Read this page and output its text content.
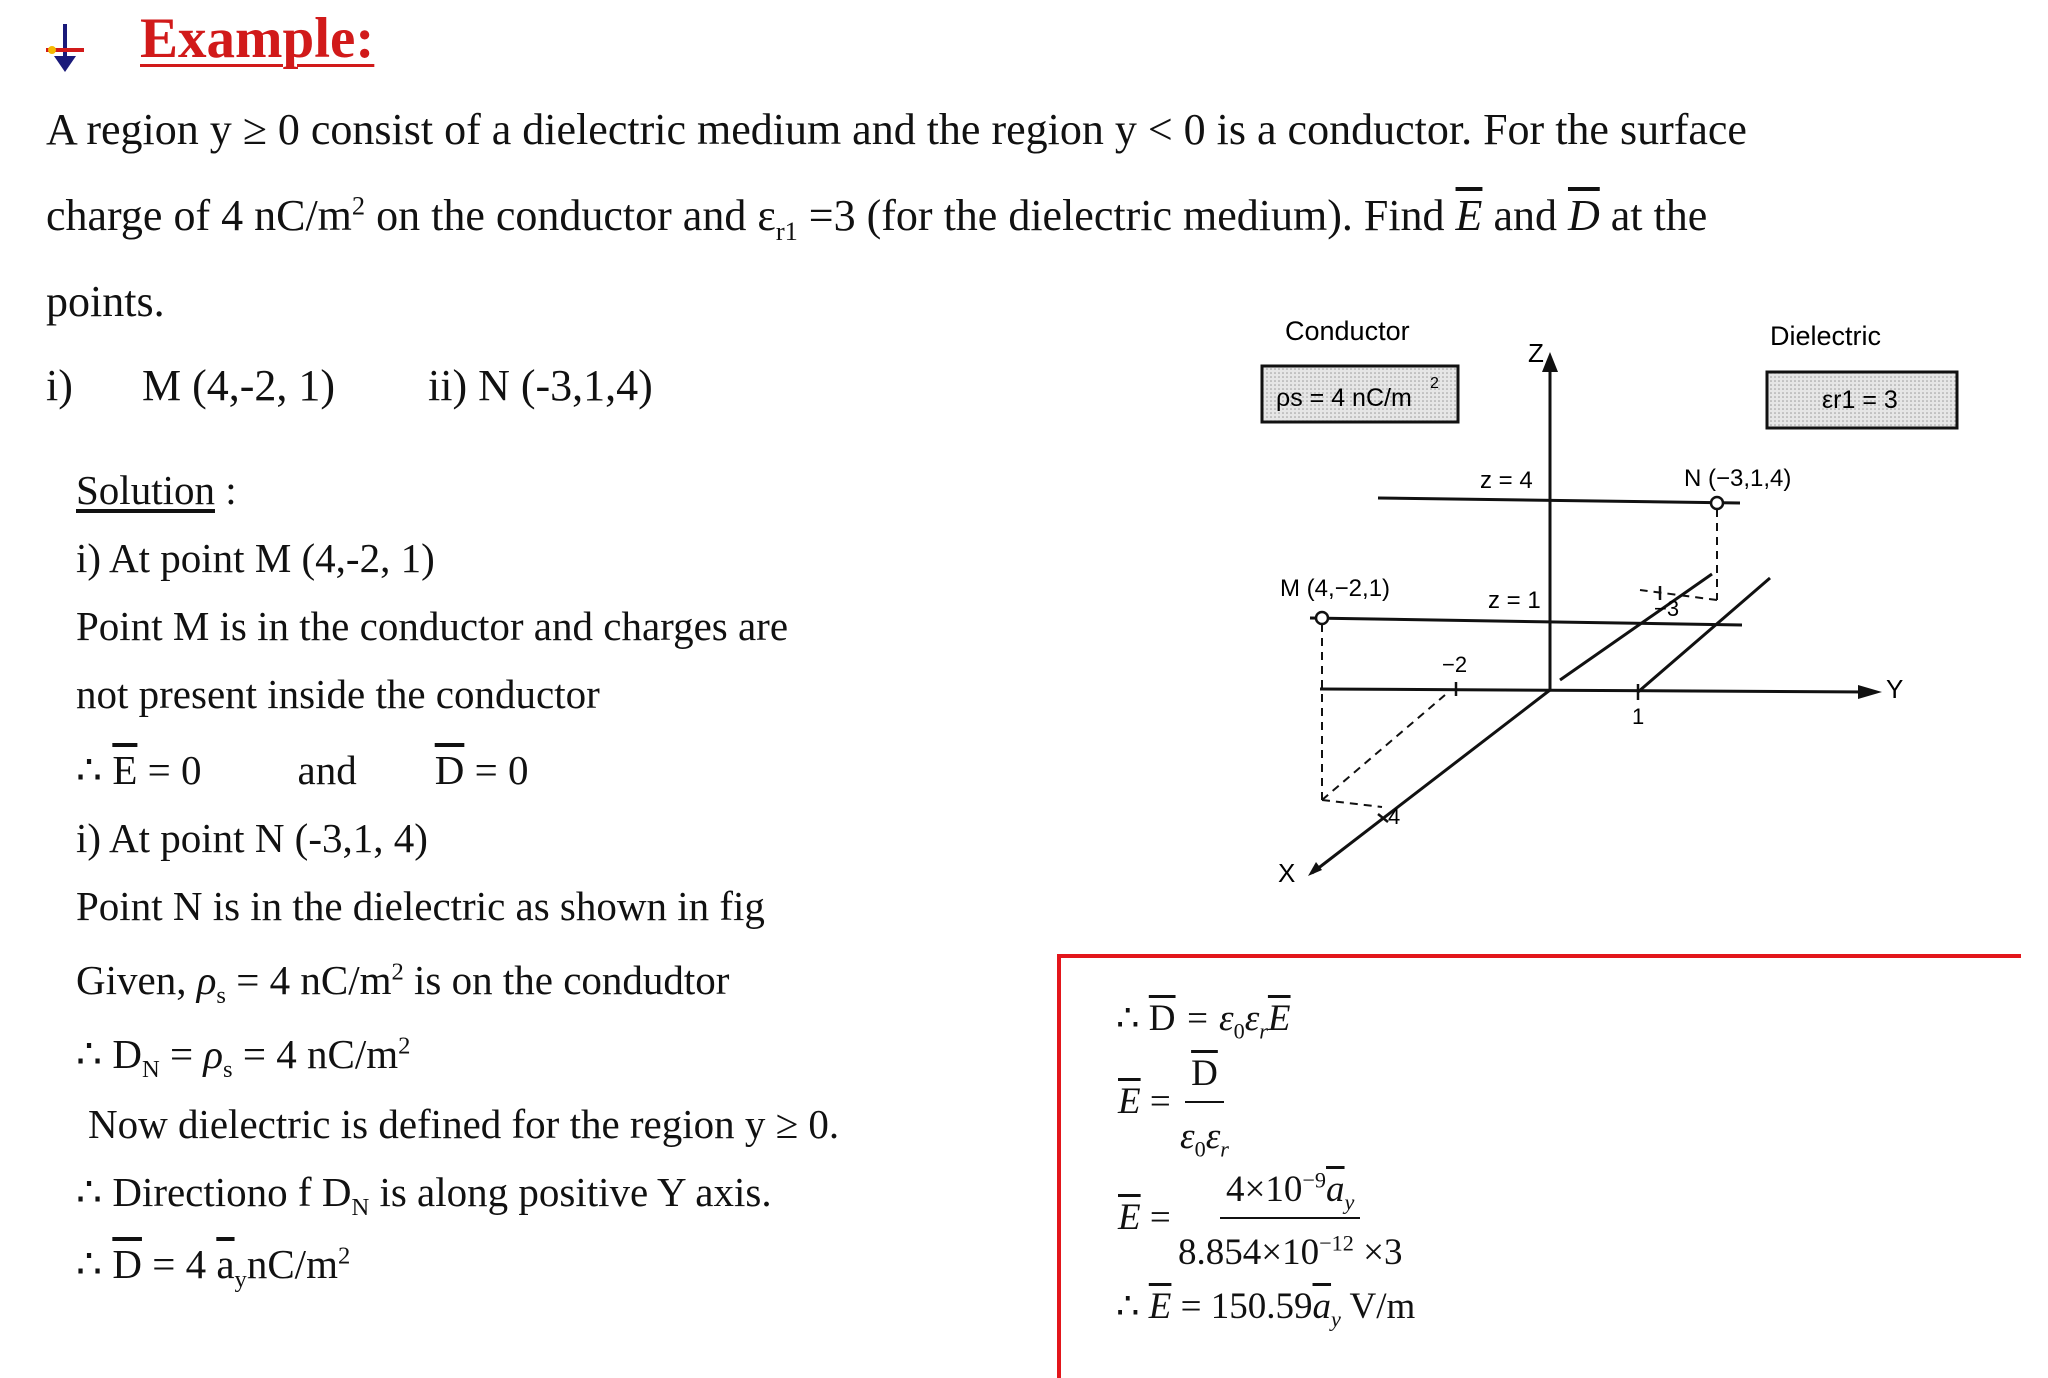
Example:
A region y ≥ 0 consist of a dielectric medium and the region y < 0 is a conductor. For the surface
charge of 4 $nC/m^2$ on the conductor and $\varepsilon_{r1} =3$ (for the dielectric medium). Find $\overline{E}$ and $\overline{D}$ at the
points.
i) M (4,-2, 1) ii) N (-3,1,4)
Solution :
i) At point M (4,-2, 1)
Point M is in the conductor and charges are
not present inside the conductor
∴ $\overline{E} = 0$ and $\overline{D} = 0$
i) At point N (-3,1, 4)
Point N is in the dielectric as shown in fig
Given, $\rho_s = 4$ $nC/m^2$ is on the condudtor
∴ $D_N = \rho_s = 4$ $nC/m^2$
Now dielectric is defined for the region y ≥ 0.
∴ Directiono f $D_N$ is along positive Y axis.
∴ $\overline{D} = 4$ $\overline{a}_ynC/m^2$
∴ $\overline{D} = \varepsilon_0\varepsilon_r\overline{E}$
$\overline{E} = \frac{\overline{D}}{\varepsilon_0\varepsilon_r}$
$\overline{E} = \frac{4\times 10^{-9}\overline{a}_y}{8.854\times 10^{-12} \times 3}$
∴ $\overline{E} = 150.59\overline{a}_y$ V/m
Conductor
ρs = 4 nC/m
2
Dielectric
εr1 = 3
Z
Y
X
z = 4	N (−3,1,4)
z = 1
M (4,−2,1)
−3
−2
1
4
